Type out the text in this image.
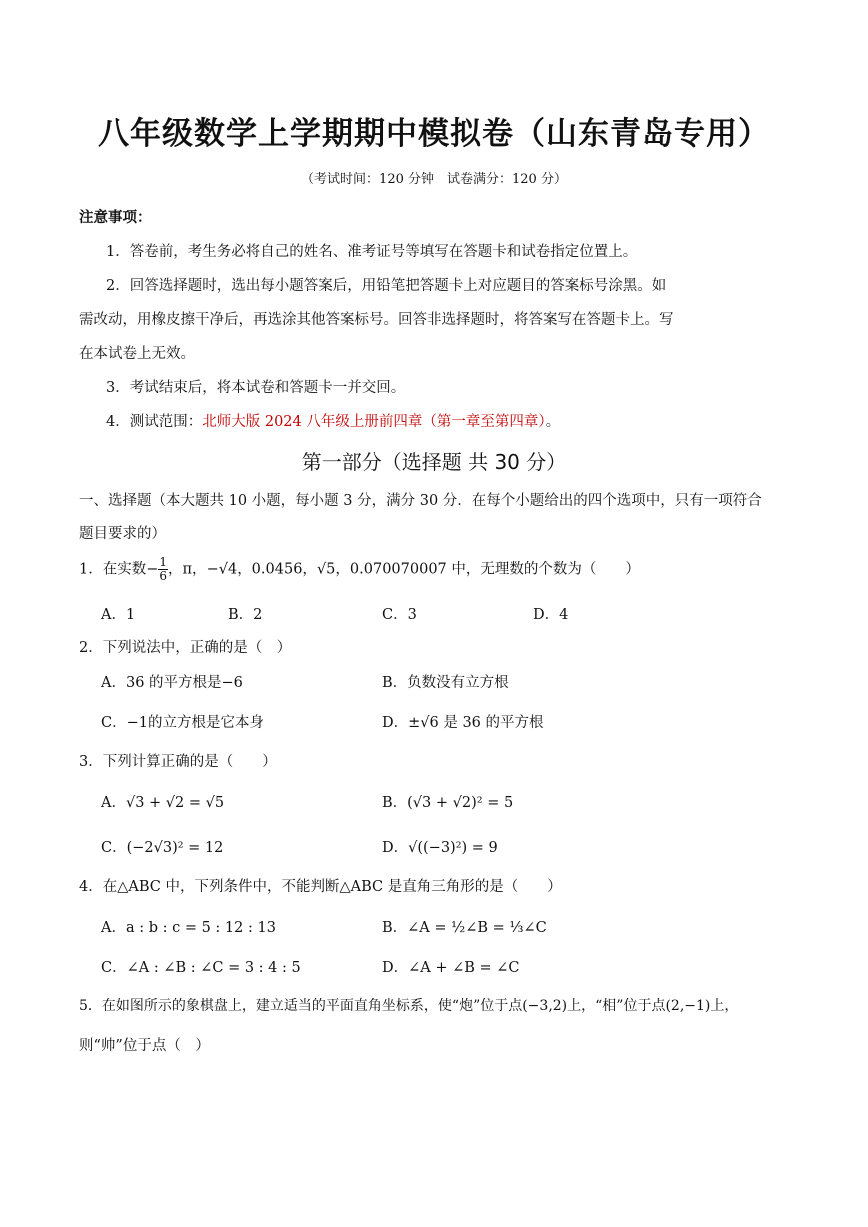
八年级数学上学期期中模拟卷（山东青岛专用）
（考试时间：120 分钟　试卷满分：120 分）
注意事项：
1．答卷前，考生务必将自己的姓名、准考证号等填写在答题卡和试卷指定位置上。
2．回答选择题时，选出每小题答案后，用铅笔把答题卡上对应题目的答案标号涂黑。如
需改动，用橡皮擦干净后，再选涂其他答案标号。回答非选择题时，将答案写在答题卡上。写
在本试卷上无效。
3．考试结束后，将本试卷和答题卡一并交回。
4．测试范围：北师大版 2024 八年级上册前四章（第一章至第四章）。
第一部分（选择题 共 30 分）
一、选择题（本大题共 10 小题，每小题 3 分，满分 30 分．在每个小题给出的四个选项中，只有一项符合
题目要求的）
1．在实数− $\frac{1}{6}$ ，π，−√4，0.0456，√5，0.070070007 中，无理数的个数为（　　）
A．1	B．2	C．3	D．4
2．下列说法中，正确的是（　）
A．36 的平方根是−6	B．负数没有立方根
C．−1的立方根是它本身	D．±√6 是 36 的平方根
3．下列计算正确的是（　　）
A．√3 + √2 = √5	B．(√3 + √2)² = 5
C．(−2√3)² = 12	D．√((−3)²) = 9
4．在△ABC 中，下列条件中，不能判断△ABC 是直角三角形的是（　　）
A．a : b : c = 5 : 12 : 13	B．∠A = ½∠B = ⅓∠C
C．∠A : ∠B : ∠C = 3 : 4 : 5	D．∠A + ∠B = ∠C
5．在如图所示的象棋盘上，建立适当的平面直角坐标系，使“炮”位于点(−3,2)上，“相”位于点(2,−1)上，
则“帅”位于点（　）
